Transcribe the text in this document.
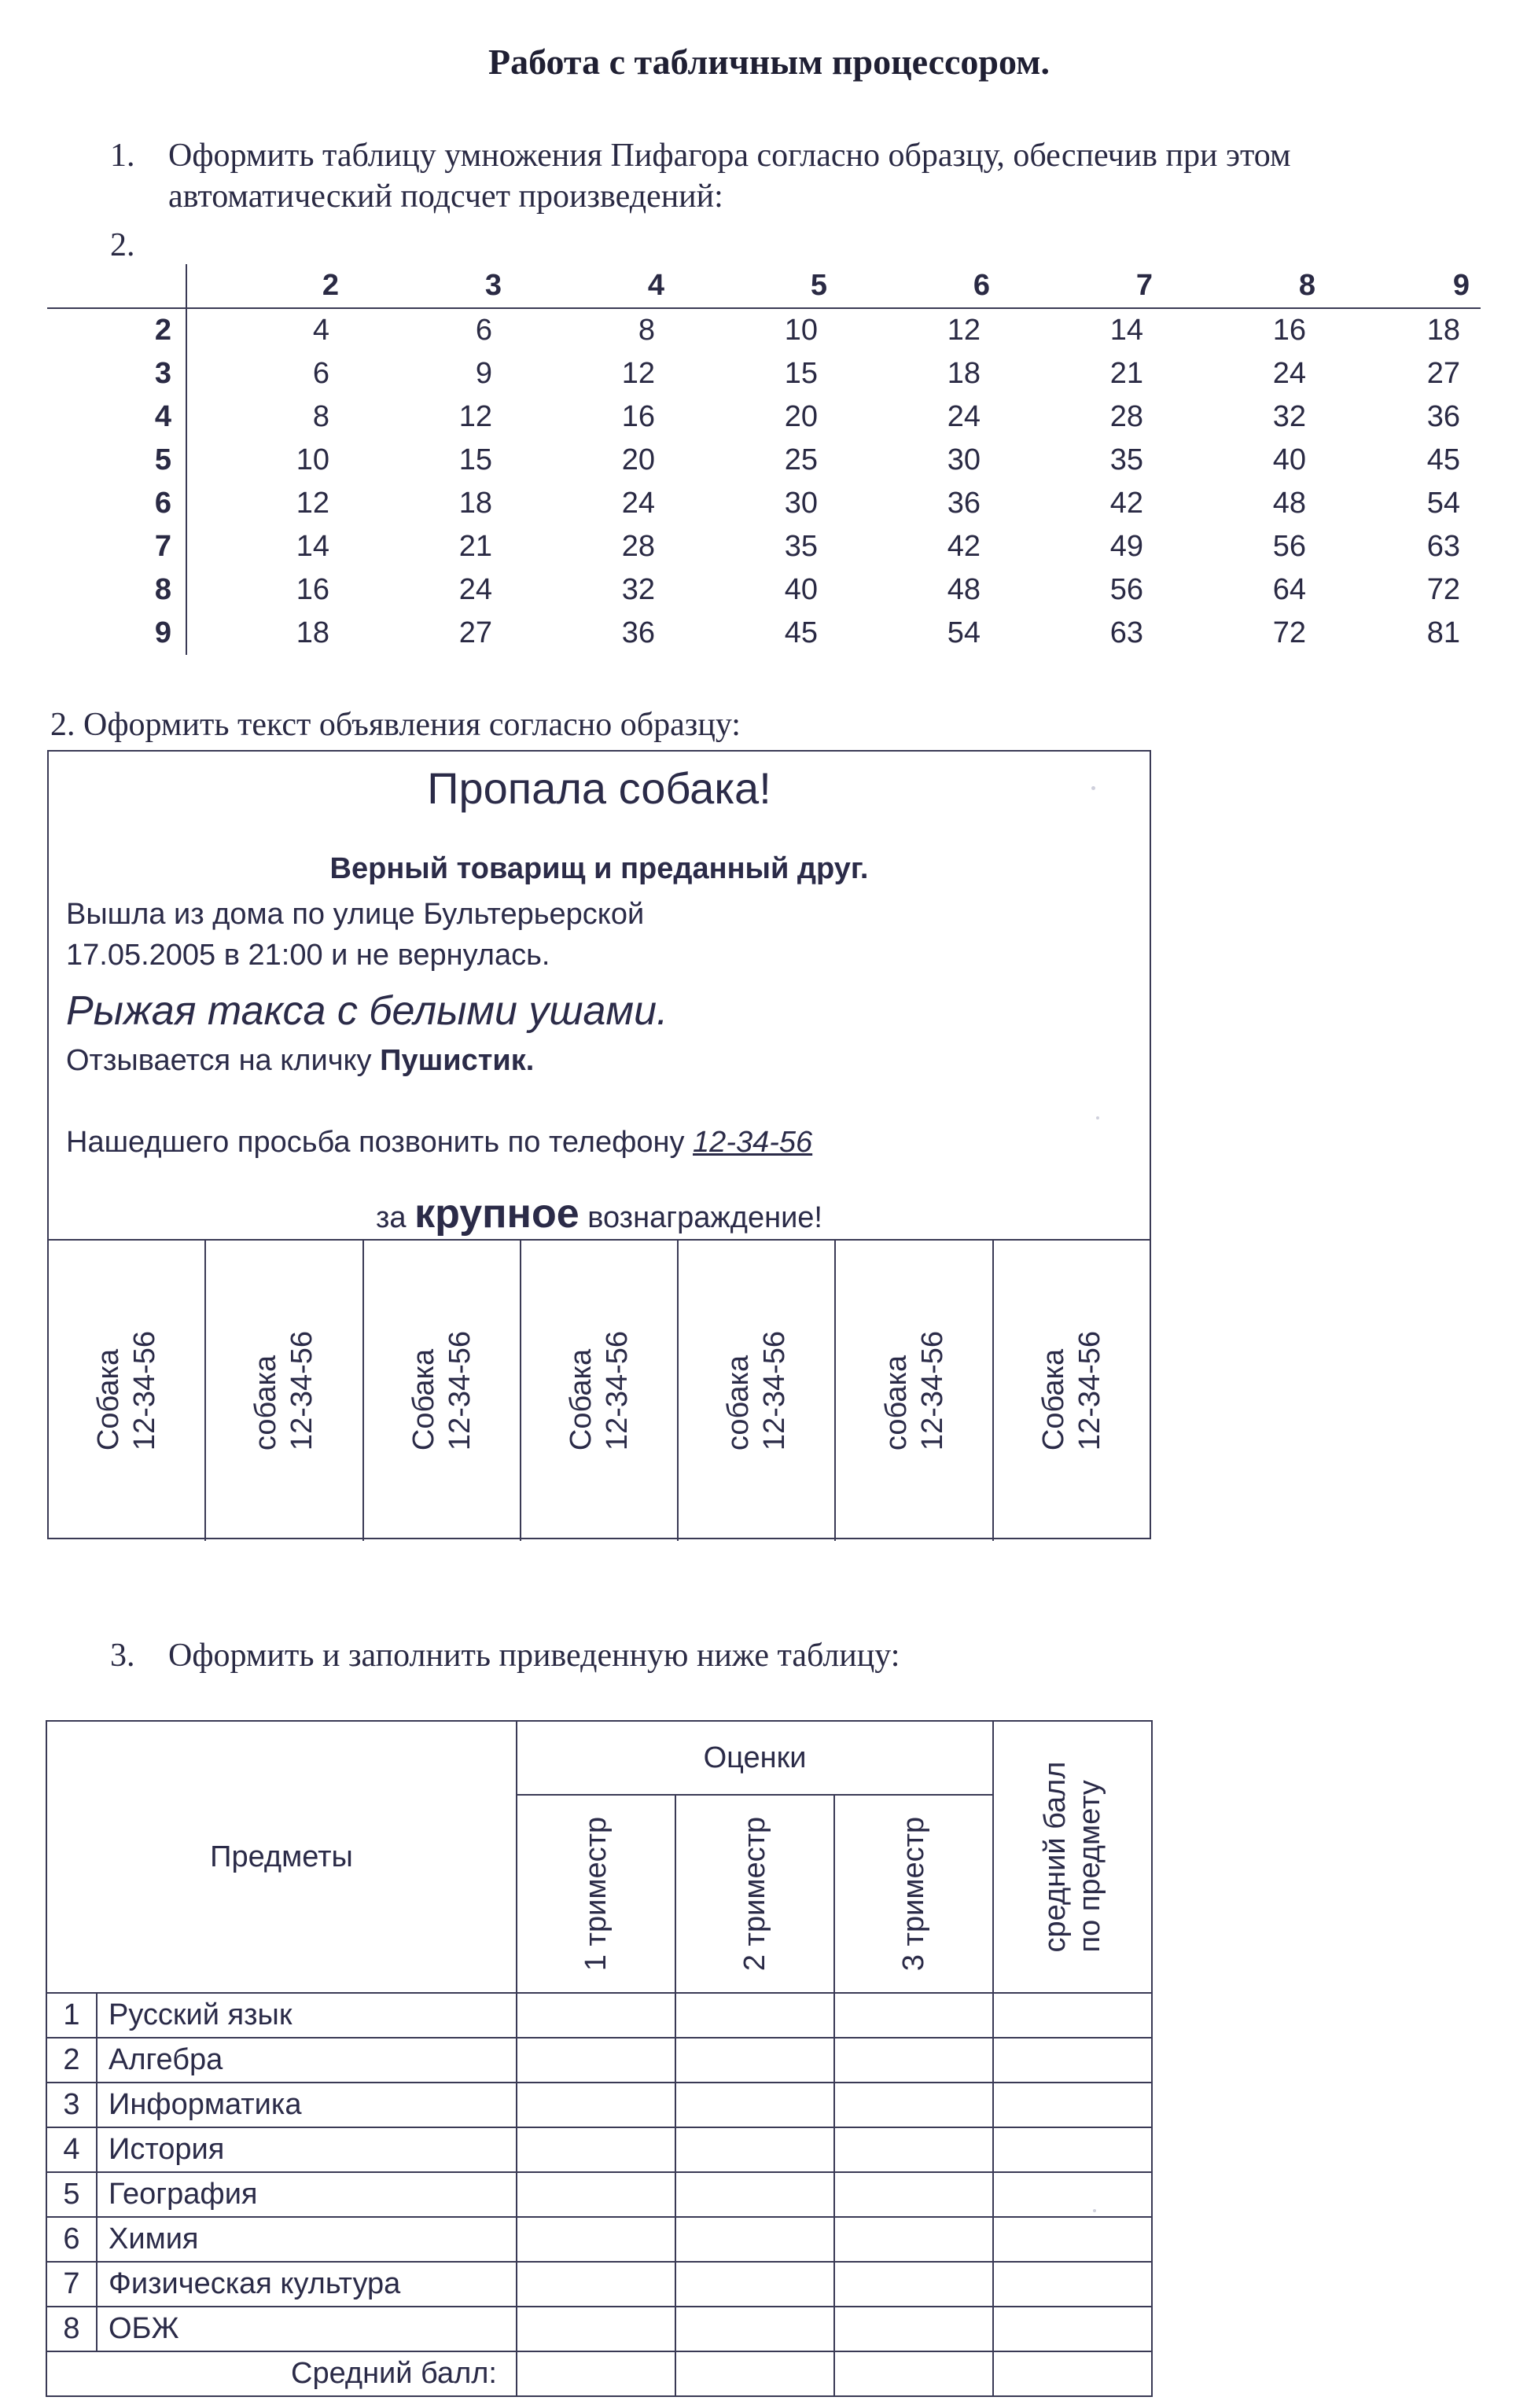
Работа с табличным процессором.
1. Оформить таблицу умножения Пифагора согласно образцу, обеспечив при этом
автоматический подсчет произведений:
2.
	2	3	4	5	6	7	8	9
2	4	6	8	10	12	14	16	18
3	6	9	12	15	18	21	24	27
4	8	12	16	20	24	28	32	36
5	10	15	20	25	30	35	40	45
6	12	18	24	30	36	42	48	54
7	14	21	28	35	42	49	56	63
8	16	24	32	40	48	56	64	72
9	18	27	36	45	54	63	72	81
2. Оформить текст объявления согласно образцу:
Пропала собака!
Верный товарищ и преданный друг.
Вышла из дома по улице Бультерьерской
17.05.2005 в 21:00 и не вернулась.
Рыжая такса с белыми ушами.
Отзывается на кличку Пушистик.
Нашедшего просьба позвонить по телефону 12-34-56
за крупное вознаграждение!
Собака 12-34-56	собака 12-34-56	Собака 12-34-56	Собака 12-34-56	собака 12-34-56	собака 12-34-56	Собака 12-34-56
3. Оформить и заполнить приведенную ниже таблицу:
Предметы		Оценки			средний балл по предмету

		1 триместр	2 триместр	3 триместр	

1	Русский язык				
2	Алгебра				
3	Информатика				
4	История				
5	География				
6	Химия				
7	Физическая культура				
8	ОБЖ				
Средний балл:					
